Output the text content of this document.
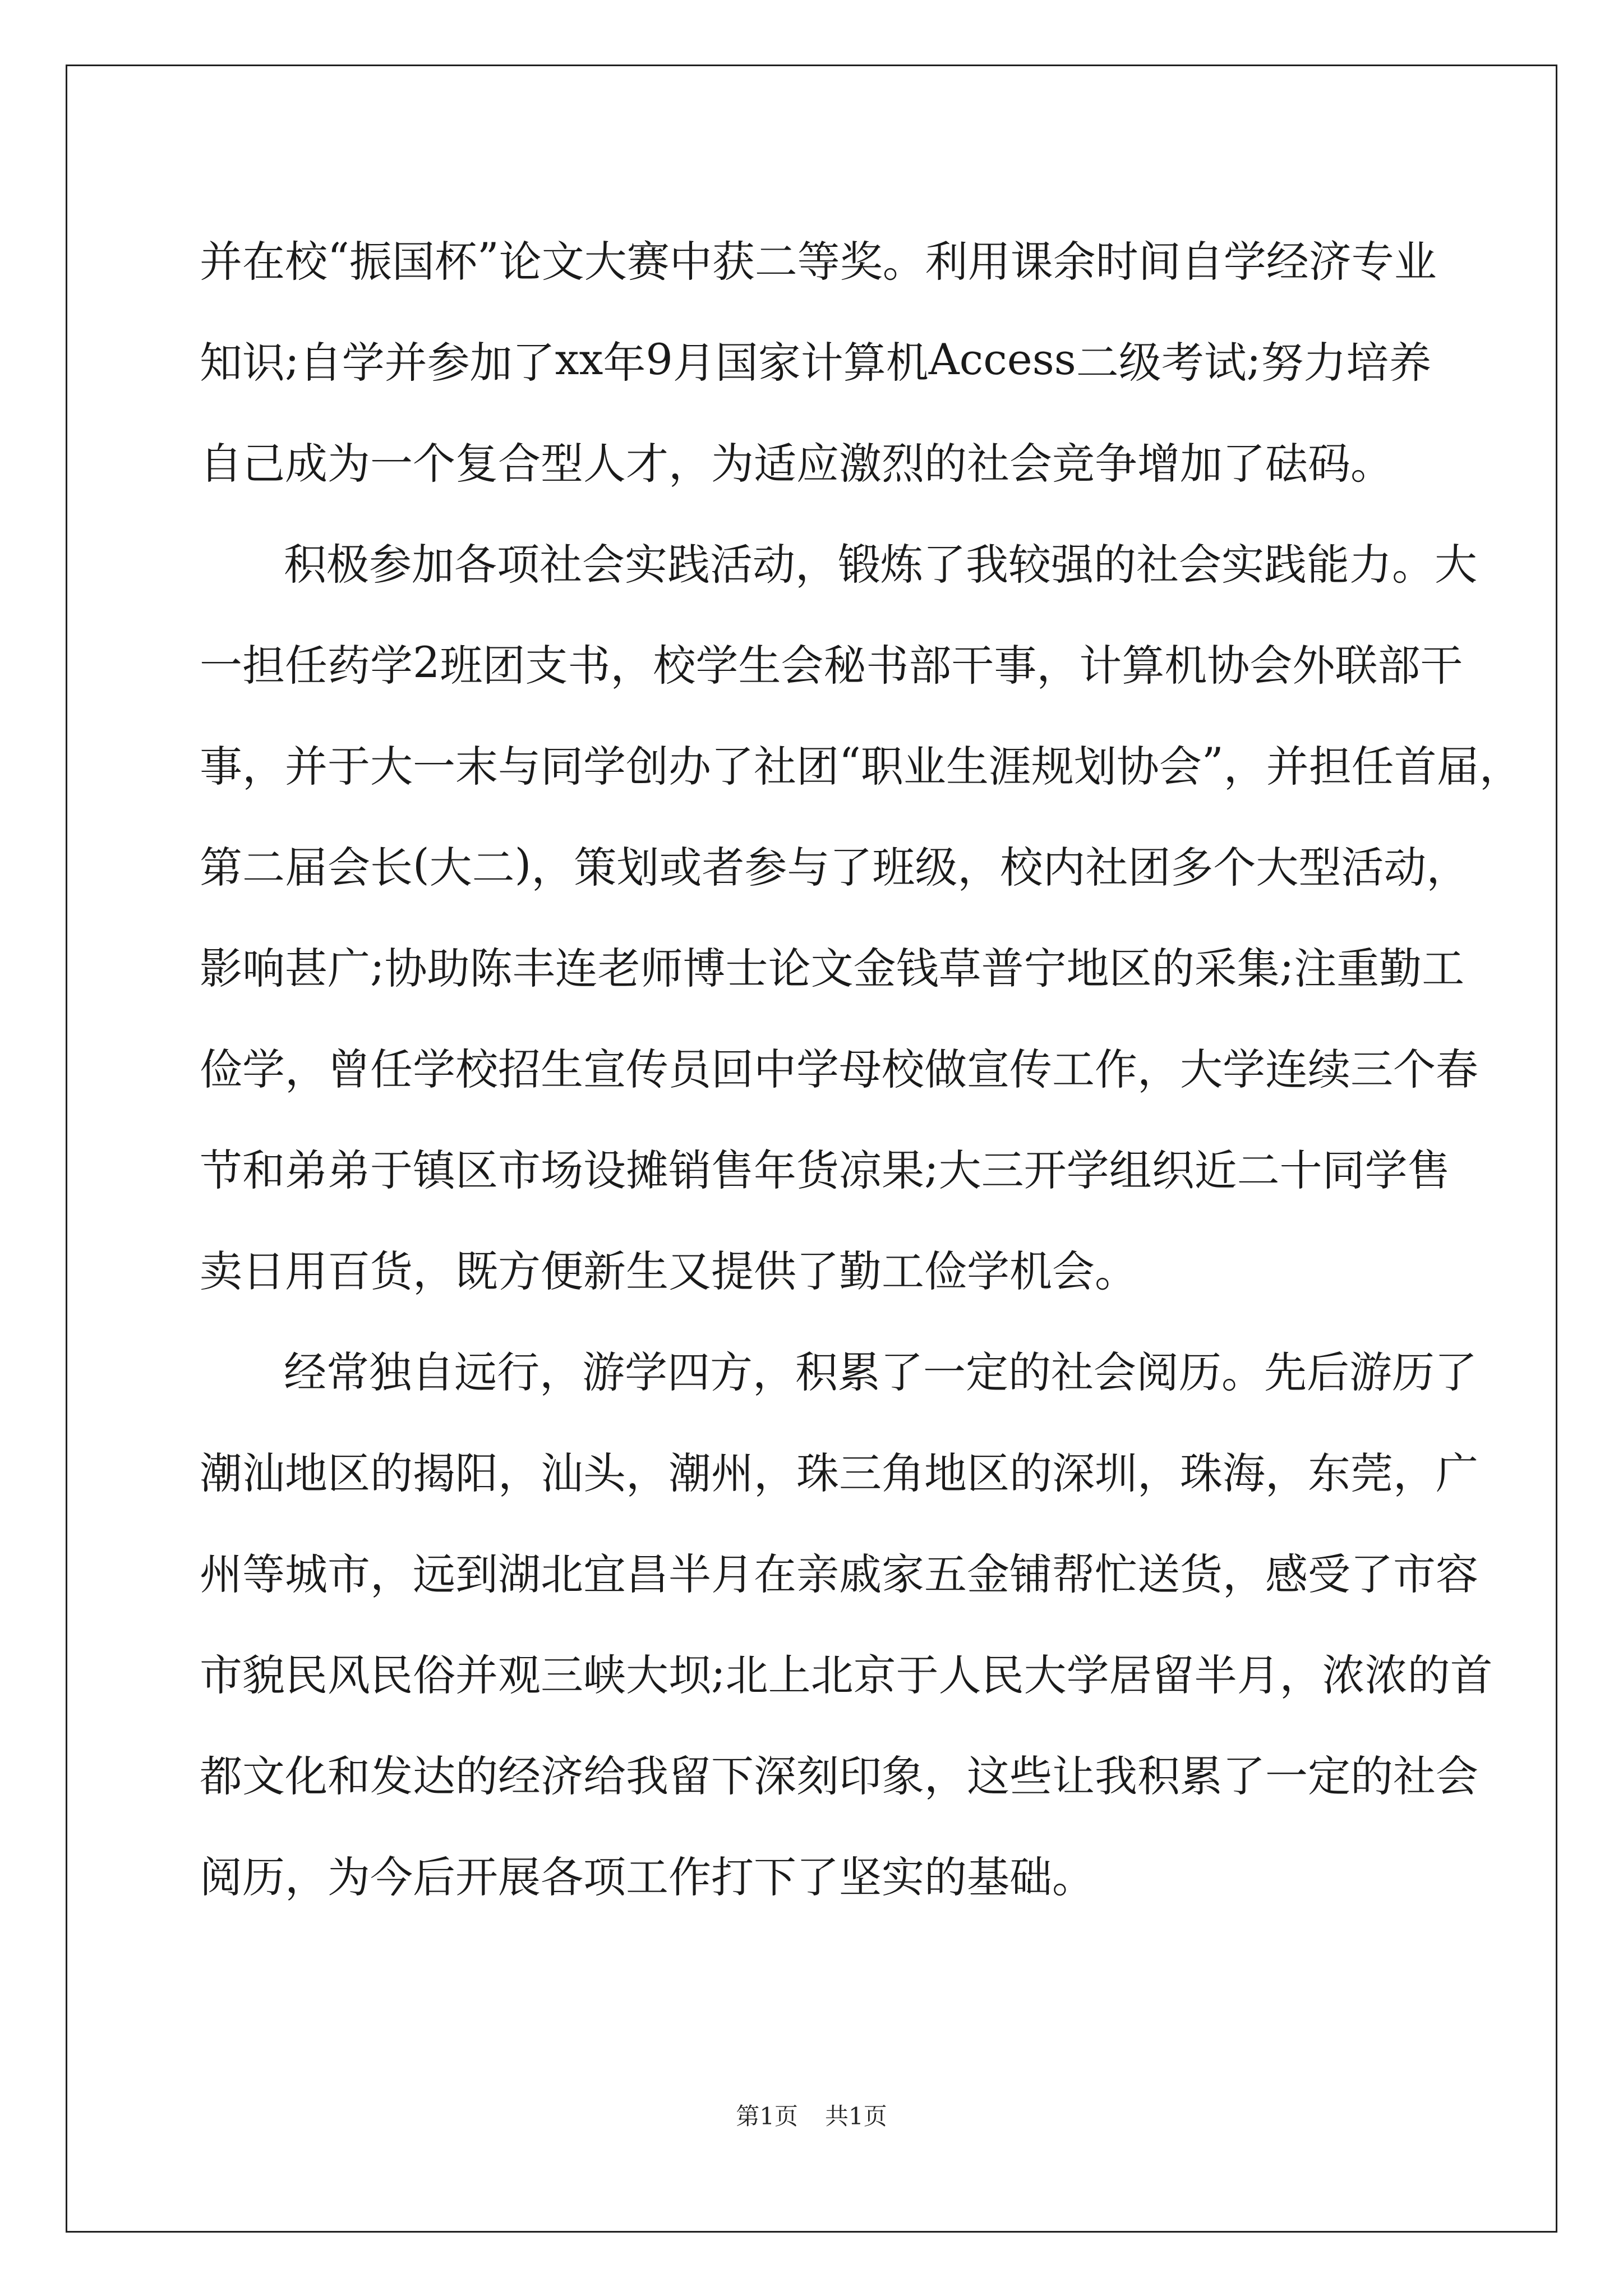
并 在 校 “ 振 国 杯 ” 论 文 大 赛 中 获 二 等 奖 。 利 用 课 余 时 间 自 学 经 济 专 业
知 识 ; 自 学 并 参 加 了 x x 年 9 月 国 家 计 算 机 A c c e s s 二 级 考 试 ; 努 力 培 养
自己成为一个复合型人才，为适应激烈的社会竞争增加了砝码。
积 极 参 加 各 项 社 会 实 践 活 动 ， 锻 炼 了 我 较 强 的 社 会 实 践 能 力 。 大
一 担 任 药 学 2 班 团 支 书 ， 校 学 生 会 秘 书 部 干 事 ， 计 算 机 协 会 外 联 部 干
事 ， 并 于 大 一 末 与 同 学 创 办 了 社 团 “ 职 业 生 涯 规 划 协 会 ” ， 并 担 任 首 届 ，
第 二 届 会 长 ( 大 二 ) ， 策 划 或 者 参 与 了 班 级 ， 校 内 社 团 多 个 大 型 活 动 ，
影 响 甚 广 ; 协 助 陈 丰 连 老 师 博 士 论 文 金 钱 草 普 宁 地 区 的 采 集 ; 注 重 勤 工
俭 学 ， 曾 任 学 校 招 生 宣 传 员 回 中 学 母 校 做 宣 传 工 作 ， 大 学 连 续 三 个 春
节 和 弟 弟 于 镇 区 市 场 设 摊 销 售 年 货 凉 果 ; 大 三 开 学 组 织 近 二 十 同 学 售
卖日用百货，既方便新生又提供了勤工俭学机会。
经 常 独 自 远 行 ， 游 学 四 方 ， 积 累 了 一 定 的 社 会 阅 历 。 先 后 游 历 了
潮 汕 地 区 的 揭 阳 ， 汕 头 ， 潮 州 ， 珠 三 角 地 区 的 深 圳 ， 珠 海 ， 东 莞 ， 广
州 等 城 市 ， 远 到 湖 北 宜 昌 半 月 在 亲 戚 家 五 金 铺 帮 忙 送 货 ， 感 受 了 市 容
市 貌 民 风 民 俗 并 观 三 峡 大 坝 ; 北 上 北 京 于 人 民 大 学 居 留 半 月 ， 浓 浓 的 首
都 文 化 和 发 达 的 经 济 给 我 留 下 深 刻 印 象 ， 这 些 让 我 积 累 了 一 定 的 社 会
阅历，为今后开展各项工作打下了坚实的基础。
第1页 共1页
